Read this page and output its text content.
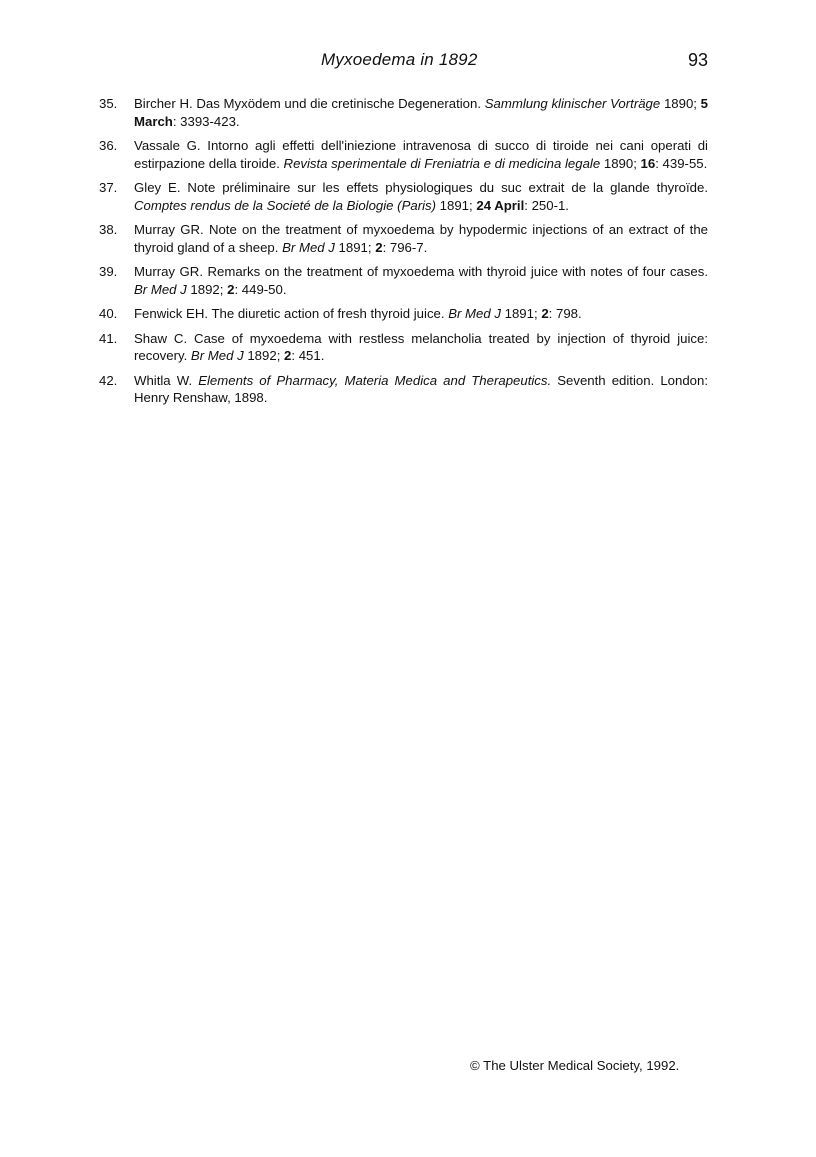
Myxoedema in 1892	93
35.	Bircher H. Das Myxödem und die cretinische Degeneration. Sammlung klinischer Vorträge 1890; 5 March: 3393-423.
36.	Vassale G. Intorno agli effetti dell'iniezione intravenosa di succo di tiroide nei cani operati di estirpazione della tiroide. Revista sperimentale di Freniatria e di medicina legale 1890; 16: 439-55.
37.	Gley E. Note préliminaire sur les effets physiologiques du suc extrait de la glande thyroïde. Comptes rendus de la Societé de la Biologie (Paris) 1891; 24 April: 250-1.
38.	Murray GR. Note on the treatment of myxoedema by hypodermic injections of an extract of the thyroid gland of a sheep. Br Med J 1891; 2: 796-7.
39.	Murray GR. Remarks on the treatment of myxoedema with thyroid juice with notes of four cases. Br Med J 1892; 2: 449-50.
40.	Fenwick EH. The diuretic action of fresh thyroid juice. Br Med J 1891; 2: 798.
41.	Shaw C. Case of myxoedema with restless melancholia treated by injection of thyroid juice: recovery. Br Med J 1892; 2: 451.
42.	Whitla W. Elements of Pharmacy, Materia Medica and Therapeutics. Seventh edition. London: Henry Renshaw, 1898.
© The Ulster Medical Society, 1992.
